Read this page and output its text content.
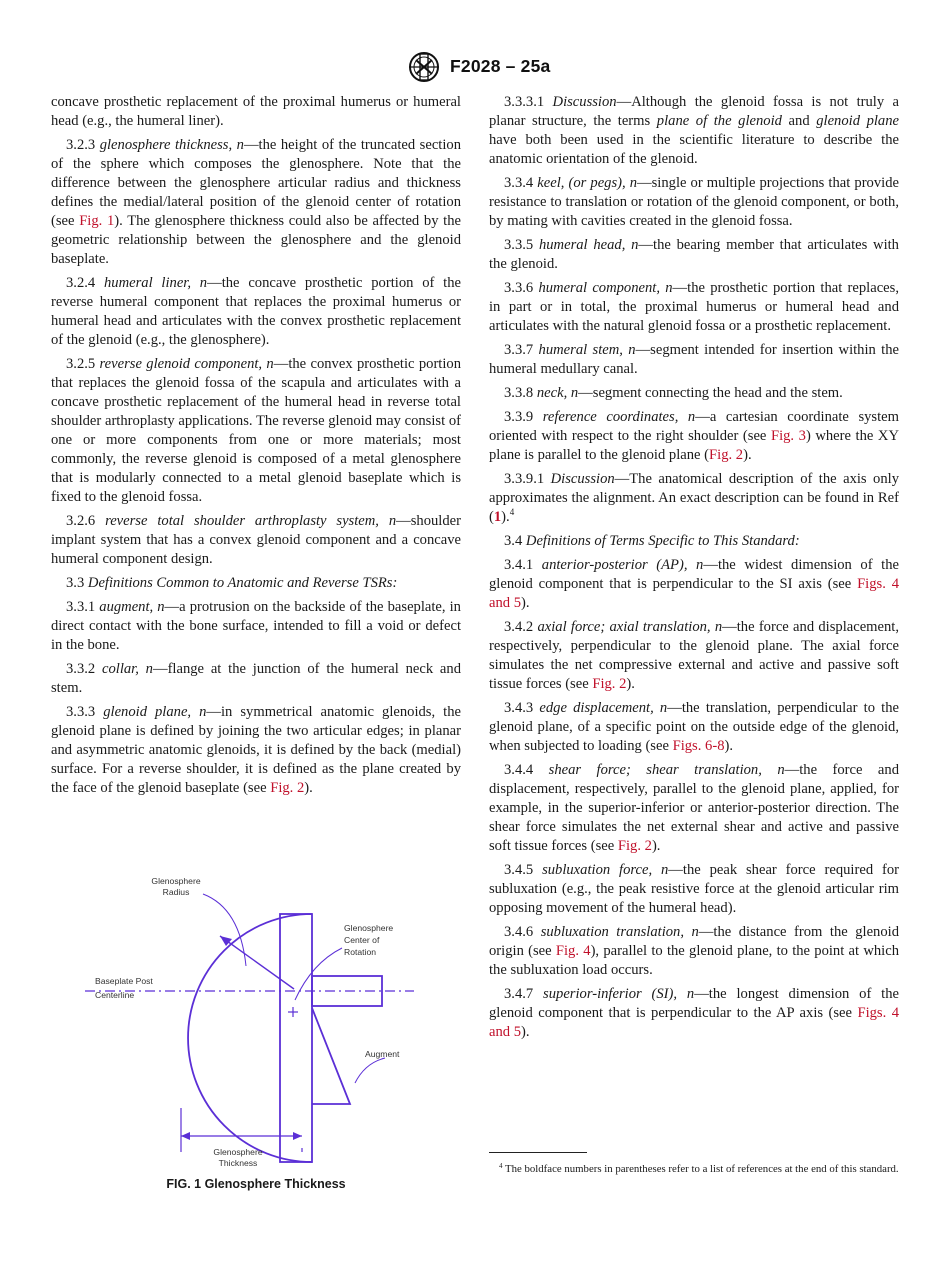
F2028 – 25a

concave prosthetic replacement of the proximal humerus or humeral head (e.g., the humeral liner).

3.2.3 glenosphere thickness, n—the height of the truncated section of the sphere which composes the glenosphere. Note that the difference between the glenosphere articular radius and thickness defines the medial/lateral position of the glenoid center of rotation (see Fig. 1). The glenosphere thickness could also be affected by the geometric relationship between the glenosphere and the glenoid baseplate.

3.2.4 humeral liner, n—the concave prosthetic portion of the reverse humeral component that replaces the proximal humerus or humeral head and articulates with the convex prosthetic replacement of the glenoid (e.g., the glenosphere).

3.2.5 reverse glenoid component, n—the convex prosthetic portion that replaces the glenoid fossa of the scapula and articulates with a concave prosthetic replacement of the humeral head in reverse total shoulder arthroplasty applications. The reverse glenoid may consist of one or more components from one or more materials; most commonly, the reverse glenoid is composed of a metal glenosphere that is modularly connected to a metal glenoid baseplate which is fixed to the glenoid fossa.

3.2.6 reverse total shoulder arthroplasty system, n—shoulder implant system that has a convex glenoid component and a concave humeral component design.

3.3 Definitions Common to Anatomic and Reverse TSRs:

3.3.1 augment, n—a protrusion on the backside of the baseplate, in direct contact with the bone surface, intended to fill a void or defect in the bone.

3.3.2 collar, n—flange at the junction of the humeral neck and stem.

3.3.3 glenoid plane, n—in symmetrical anatomic glenoids, the glenoid plane is defined by joining the two articular edges; in planar and asymmetric anatomic glenoids, it is defined by the back (medial) surface. For a reverse shoulder, it is defined as the plane created by the face of the glenoid baseplate (see Fig. 2).

Glenosphere
Radius
Glenosphere
Center of
Rotation
Baseplate Post
Centerline
Augment
Glenosphere
Thickness
FIG. 1 Glenosphere Thickness

3.3.3.1 Discussion—Although the glenoid fossa is not truly a planar structure, the terms plane of the glenoid and glenoid plane have both been used in the scientific literature to describe the anatomic orientation of the glenoid.

3.3.4 keel, (or pegs), n—single or multiple projections that provide resistance to translation or rotation of the glenoid component, or both, by mating with cavities created in the glenoid fossa.

3.3.5 humeral head, n—the bearing member that articulates with the glenoid.

3.3.6 humeral component, n—the prosthetic portion that replaces, in part or in total, the proximal humerus or humeral head and articulates with the natural glenoid fossa or a prosthetic replacement.

3.3.7 humeral stem, n—segment intended for insertion within the humeral medullary canal.

3.3.8 neck, n—segment connecting the head and the stem.

3.3.9 reference coordinates, n—a cartesian coordinate system oriented with respect to the right shoulder (see Fig. 3) where the XY plane is parallel to the glenoid plane (Fig. 2).

3.3.9.1 Discussion—The anatomical description of the axis only approximates the alignment. An exact description can be found in Ref (1).$^4$

3.4 Definitions of Terms Specific to This Standard:

3.4.1 anterior-posterior (AP), n—the widest dimension of the glenoid component that is perpendicular to the SI axis (see Figs. 4 and 5).

3.4.2 axial force; axial translation, n—the force and displacement, respectively, perpendicular to the glenoid plane. The axial force simulates the net compressive external and active and passive soft tissue forces (see Fig. 2).

3.4.3 edge displacement, n—the translation, perpendicular to the glenoid plane, of a specific point on the outside edge of the glenoid, when subjected to loading (see Figs. 6-8).

3.4.4 shear force; shear translation, n—the force and displacement, respectively, parallel to the glenoid plane, applied, for example, in the superior-inferior or anterior-posterior direction. The shear force simulates the net external shear and active and passive soft tissue forces (see Fig. 2).

3.4.5 subluxation force, n—the peak shear force required for subluxation (e.g., the peak resistive force at the glenoid articular rim opposing movement of the humeral head).

3.4.6 subluxation translation, n—the distance from the glenoid origin (see Fig. 4), parallel to the glenoid plane, to the point at which the subluxation load occurs.

3.4.7 superior-inferior (SI), n—the longest dimension of the glenoid component that is perpendicular to the AP axis (see Figs. 4 and 5).

$^4$ The boldface numbers in parentheses refer to a list of references at the end of this standard.
